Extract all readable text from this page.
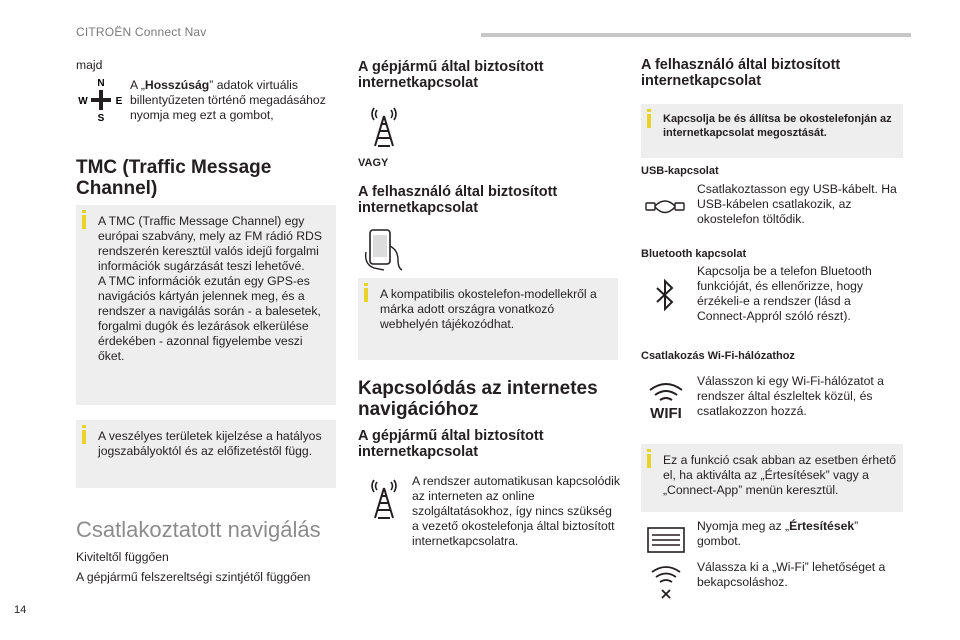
CITROËN Connect Nav
majd
N
W	E
S
A „Hosszúság” adatok virtuális billentyűzeten történő megadásához nyomja meg ezt a gombot,
TMC (Traffic Message Channel)
A TMC (Traffic Message Channel) egy európai szabvány, mely az FM rádió RDS rendszerén keresztül valós idejű forgalmi információk sugárzását teszi lehetővé.
A TMC információk ezután egy GPS-es navigációs kártyán jelennek meg, és a rendszer a navigálás során - a balesetek, forgalmi dugók és lezárások elkerülése érdekében - azonnal figyelembe veszi őket.
A veszélyes területek kijelzése a hatályos jogszabályoktól és az előfizetéstől függ.
Csatlakoztatott navigálás
Kiviteltől függően
A gépjármű felszereltségi szintjétől függően
A gépjármű által biztosított internetkapcsolat
VAGY
A felhasználó által biztosított internetkapcsolat
A kompatibilis okostelefon-modellekről a márka adott országra vonatkozó webhelyén tájékozódhat.
Kapcsolódás az internetes navigációhoz
A gépjármű által biztosított internetkapcsolat
A rendszer automatikusan kapcsolódik az interneten az online szolgáltatásokhoz, így nincs szükség a vezető okostelefonja által biztosított internetkapcsolatra.
A felhasználó által biztosított internetkapcsolat
Kapcsolja be és állítsa be okostelefonján az internetkapcsolat megosztását.
USB-kapcsolat
Csatlakoztasson egy USB-kábelt. Ha USB-kábelen csatlakozik, az okostelefon töltődik.
Bluetooth kapcsolat
Kapcsolja be a telefon Bluetooth funkcióját, és ellenőrizze, hogy érzékeli-e a rendszer (lásd a Connect-Appról szóló részt).
Csatlakozás Wi-Fi-hálózathoz
WIFI
Válasszon ki egy Wi-Fi-hálózatot a rendszer által észleltek közül, és csatlakozzon hozzá.
Ez a funkció csak abban az esetben érhető el, ha aktiválta az „Értesítések” vagy a „Connect-App” menün keresztül.
Nyomja meg az „Értesítések” gombot.
Válassza ki a „Wi-Fi” lehetőséget a bekapcsoláshoz.
14
